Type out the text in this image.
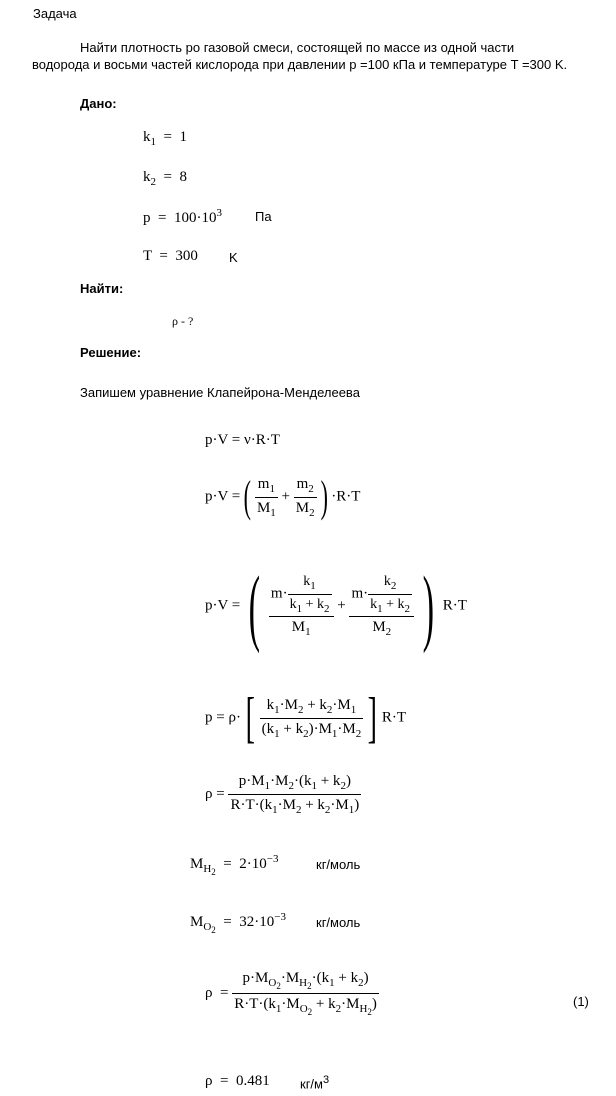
Задача
Найти плотность ро газовой смеси, состоящей по массе из одной части
водорода и восьми частей кислорода при давлении p =100 кПа и температуре T =300 K.
Дано:
$k_1 = 1$
$k_2 = 8$
$p = 100\cdot 10^3$	Па
T  =  300 K
Найти:
ρ - ?
Решение:
Запишем уравнение Клапейрона-Менделеева
p·V = ν·R·T
p·V =( $\frac{m_1}{M_1} + \frac{m_2}{M_2}$ ) ·R·T
p·V =( $\frac{m\cdot \frac{k_1}{k_1 + k_2}}{M_1} + \frac{m\cdot \frac{k_2}{k_1 + k_2}}{M_2}$ ) R·T
$p = \rho\cdot[ \frac{k_1\cdot M_2 + k_2\cdot M_1}{(k_1 + k_2)\cdot M_1\cdot M_2}$ ] R·T
$\rho = \frac{p\cdot M_1\cdot M_2\cdot(k_1 + k_2)}{R\cdot T\cdot(k_1\cdot M_2 + k_2\cdot M_1)}$
$M_{H_2} = 2\cdot 10^{-3}$	кг/моль
$M_{O_2} = 32\cdot 10^{-3}$ кг/моль
$\rho = \frac{p\cdot M_{O_2}\cdot M_{H_2}\cdot(k_1 + k_2)}{R\cdot T\cdot(k_1\cdot M_{O_2} + k_2\cdot M_{H_2})}$	(1)
ρ  =  0.481 $кг/м^3$
